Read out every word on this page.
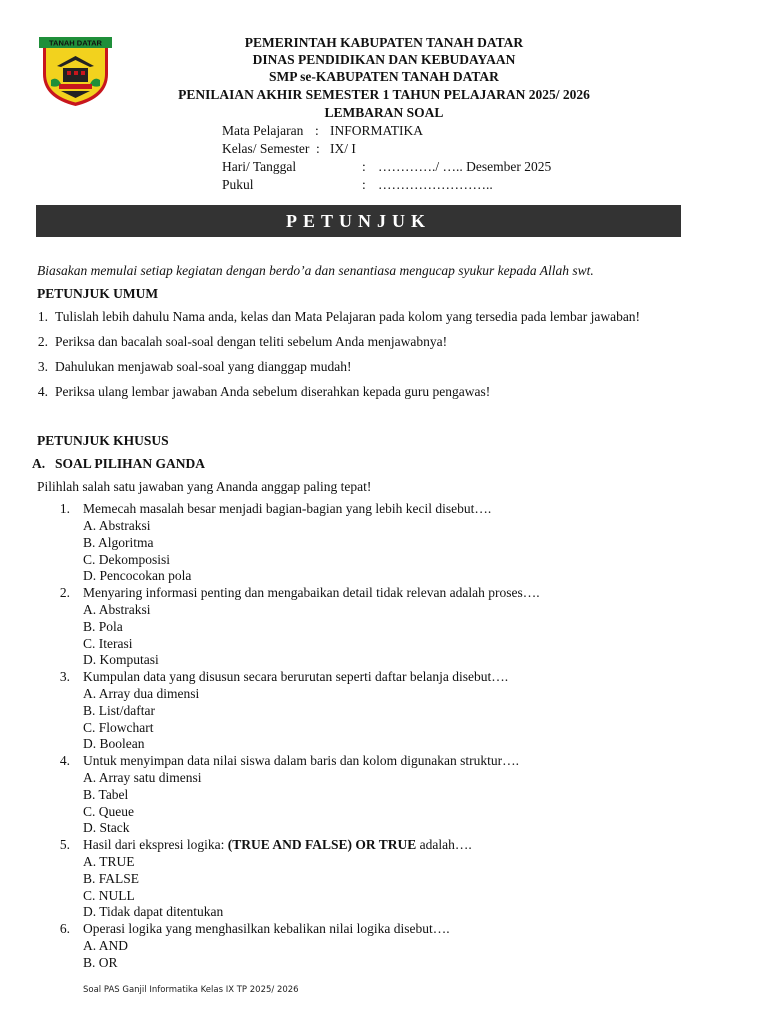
TANAH DATAR	PEMERINTAH KABUPATEN TANAH DATAR
DINAS PENDIDIKAN DAN KEBUDAYAAN
SMP se-KABUPATEN TANAH DATAR
PENILAIAN AKHIR SEMESTER 1 TAHUN PELAJARAN 2025/ 2026
LEMBARAN SOAL
Mata Pelajaran : INFORMATIKA
Kelas/ Semester : IX/ I
Hari/ Tanggal	: …………./ ….. Desember 2025
Pukul	: ……………………..
PETUNJUK
Biasakan memulai setiap kegiatan dengan berdo’a dan senantiasa mengucap syukur kepada Allah swt.
PETUNJUK UMUM
1. Tulislah lebih dahulu Nama anda, kelas dan Mata Pelajaran pada kolom yang tersedia pada lembar jawaban!
2. Periksa dan bacalah soal-soal dengan teliti sebelum Anda menjawabnya!
3. Dahulukan menjawab soal-soal yang dianggap mudah!
4. Periksa ulang lembar jawaban Anda sebelum diserahkan kepada guru pengawas!
PETUNJUK KHUSUS
A. SOAL PILIHAN GANDA
Pilihlah salah satu jawaban yang Ananda anggap paling tepat!
1. Memecah masalah besar menjadi bagian-bagian yang lebih kecil disebut….
A. Abstraksi
B. Algoritma
C. Dekomposisi
D. Pencocokan pola
2. Menyaring informasi penting dan mengabaikan detail tidak relevan adalah proses….
A. Abstraksi
B. Pola
C. Iterasi
D. Komputasi
3. Kumpulan data yang disusun secara berurutan seperti daftar belanja disebut….
A. Array dua dimensi
B. List/daftar
C. Flowchart
D. Boolean
4. Untuk menyimpan data nilai siswa dalam baris dan kolom digunakan struktur….
A. Array satu dimensi
B. Tabel
C. Queue
D. Stack
5. Hasil dari ekspresi logika: (TRUE AND FALSE) OR TRUE adalah….
A. TRUE
B. FALSE
C. NULL
D. Tidak dapat ditentukan
6. Operasi logika yang menghasilkan kebalikan nilai logika disebut….
A. AND
B. OR
Soal PAS Ganjil Informatika Kelas IX TP 2025/ 2026
